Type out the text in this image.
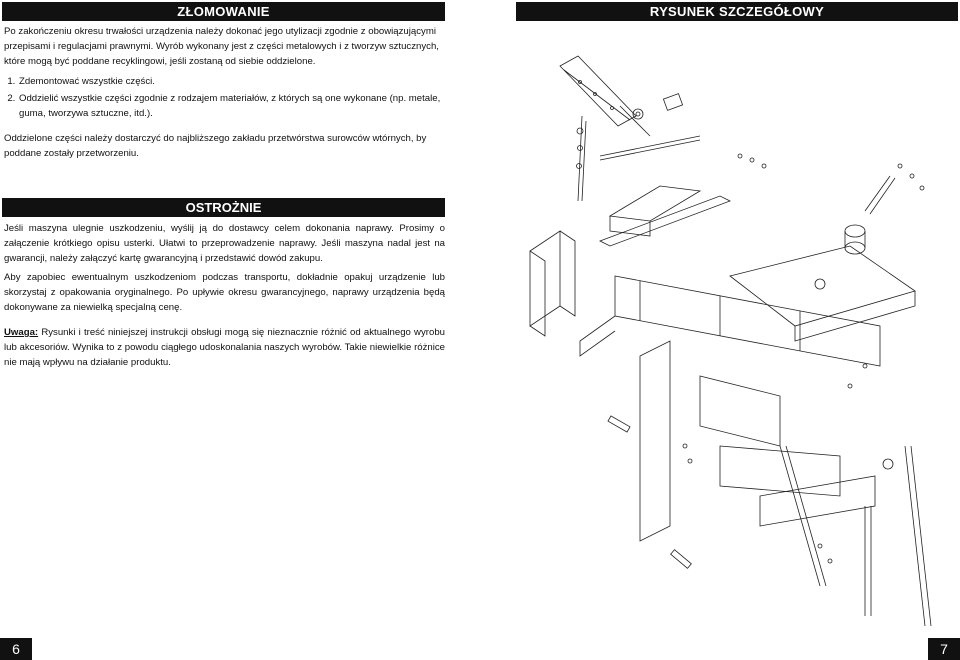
ZŁOMOWANIE

Po zakończeniu okresu trwałości urządzenia należy dokonać jego utylizacji zgodnie z obowiązującymi przepisami i regulacjami prawnymi. Wyrób wykonany jest z części metalowych i z tworzyw sztucznych, które mogą być poddane recyklingowi, jeśli zostaną od siebie oddzielone.

1. Zdemontować wszystkie części.
2. Oddzielić wszystkie części zgodnie z rodzajem materiałów, z których są one wykonane (np. metale, guma, tworzywa sztuczne, itd.).

Oddzielone części należy dostarczyć do najbliższego zakładu przetwórstwa surowców wtórnych, by poddane zostały przetworzeniu.

OSTROŻNIE

Jeśli maszyna ulegnie uszkodzeniu, wyślij ją do dostawcy celem dokonania naprawy. Prosimy o załączenie krótkiego opisu usterki. Ułatwi to przeprowadzenie naprawy. Jeśli maszyna nadal jest na gwarancji, należy załączyć kartę gwarancyjną i przedstawić dowód zakupu.

Aby zapobiec ewentualnym uszkodzeniom podczas transportu, dokładnie opakuj urządzenie lub skorzystaj z opakowania oryginalnego. Po upływie okresu gwarancyjnego, naprawy urządzenia będą dokonywane za niewielką specjalną cenę.

Uwaga: Rysunki i treść niniejszej instrukcji obsługi mogą się nieznacznie różnić od aktualnego wyrobu lub akcesoriów. Wynika to z powodu ciągłego udoskonalania naszych wyrobów. Takie niewielkie różnice nie mają wpływu na działanie produktu.

6
RYSUNEK SZCZEGÓŁOWY
7
